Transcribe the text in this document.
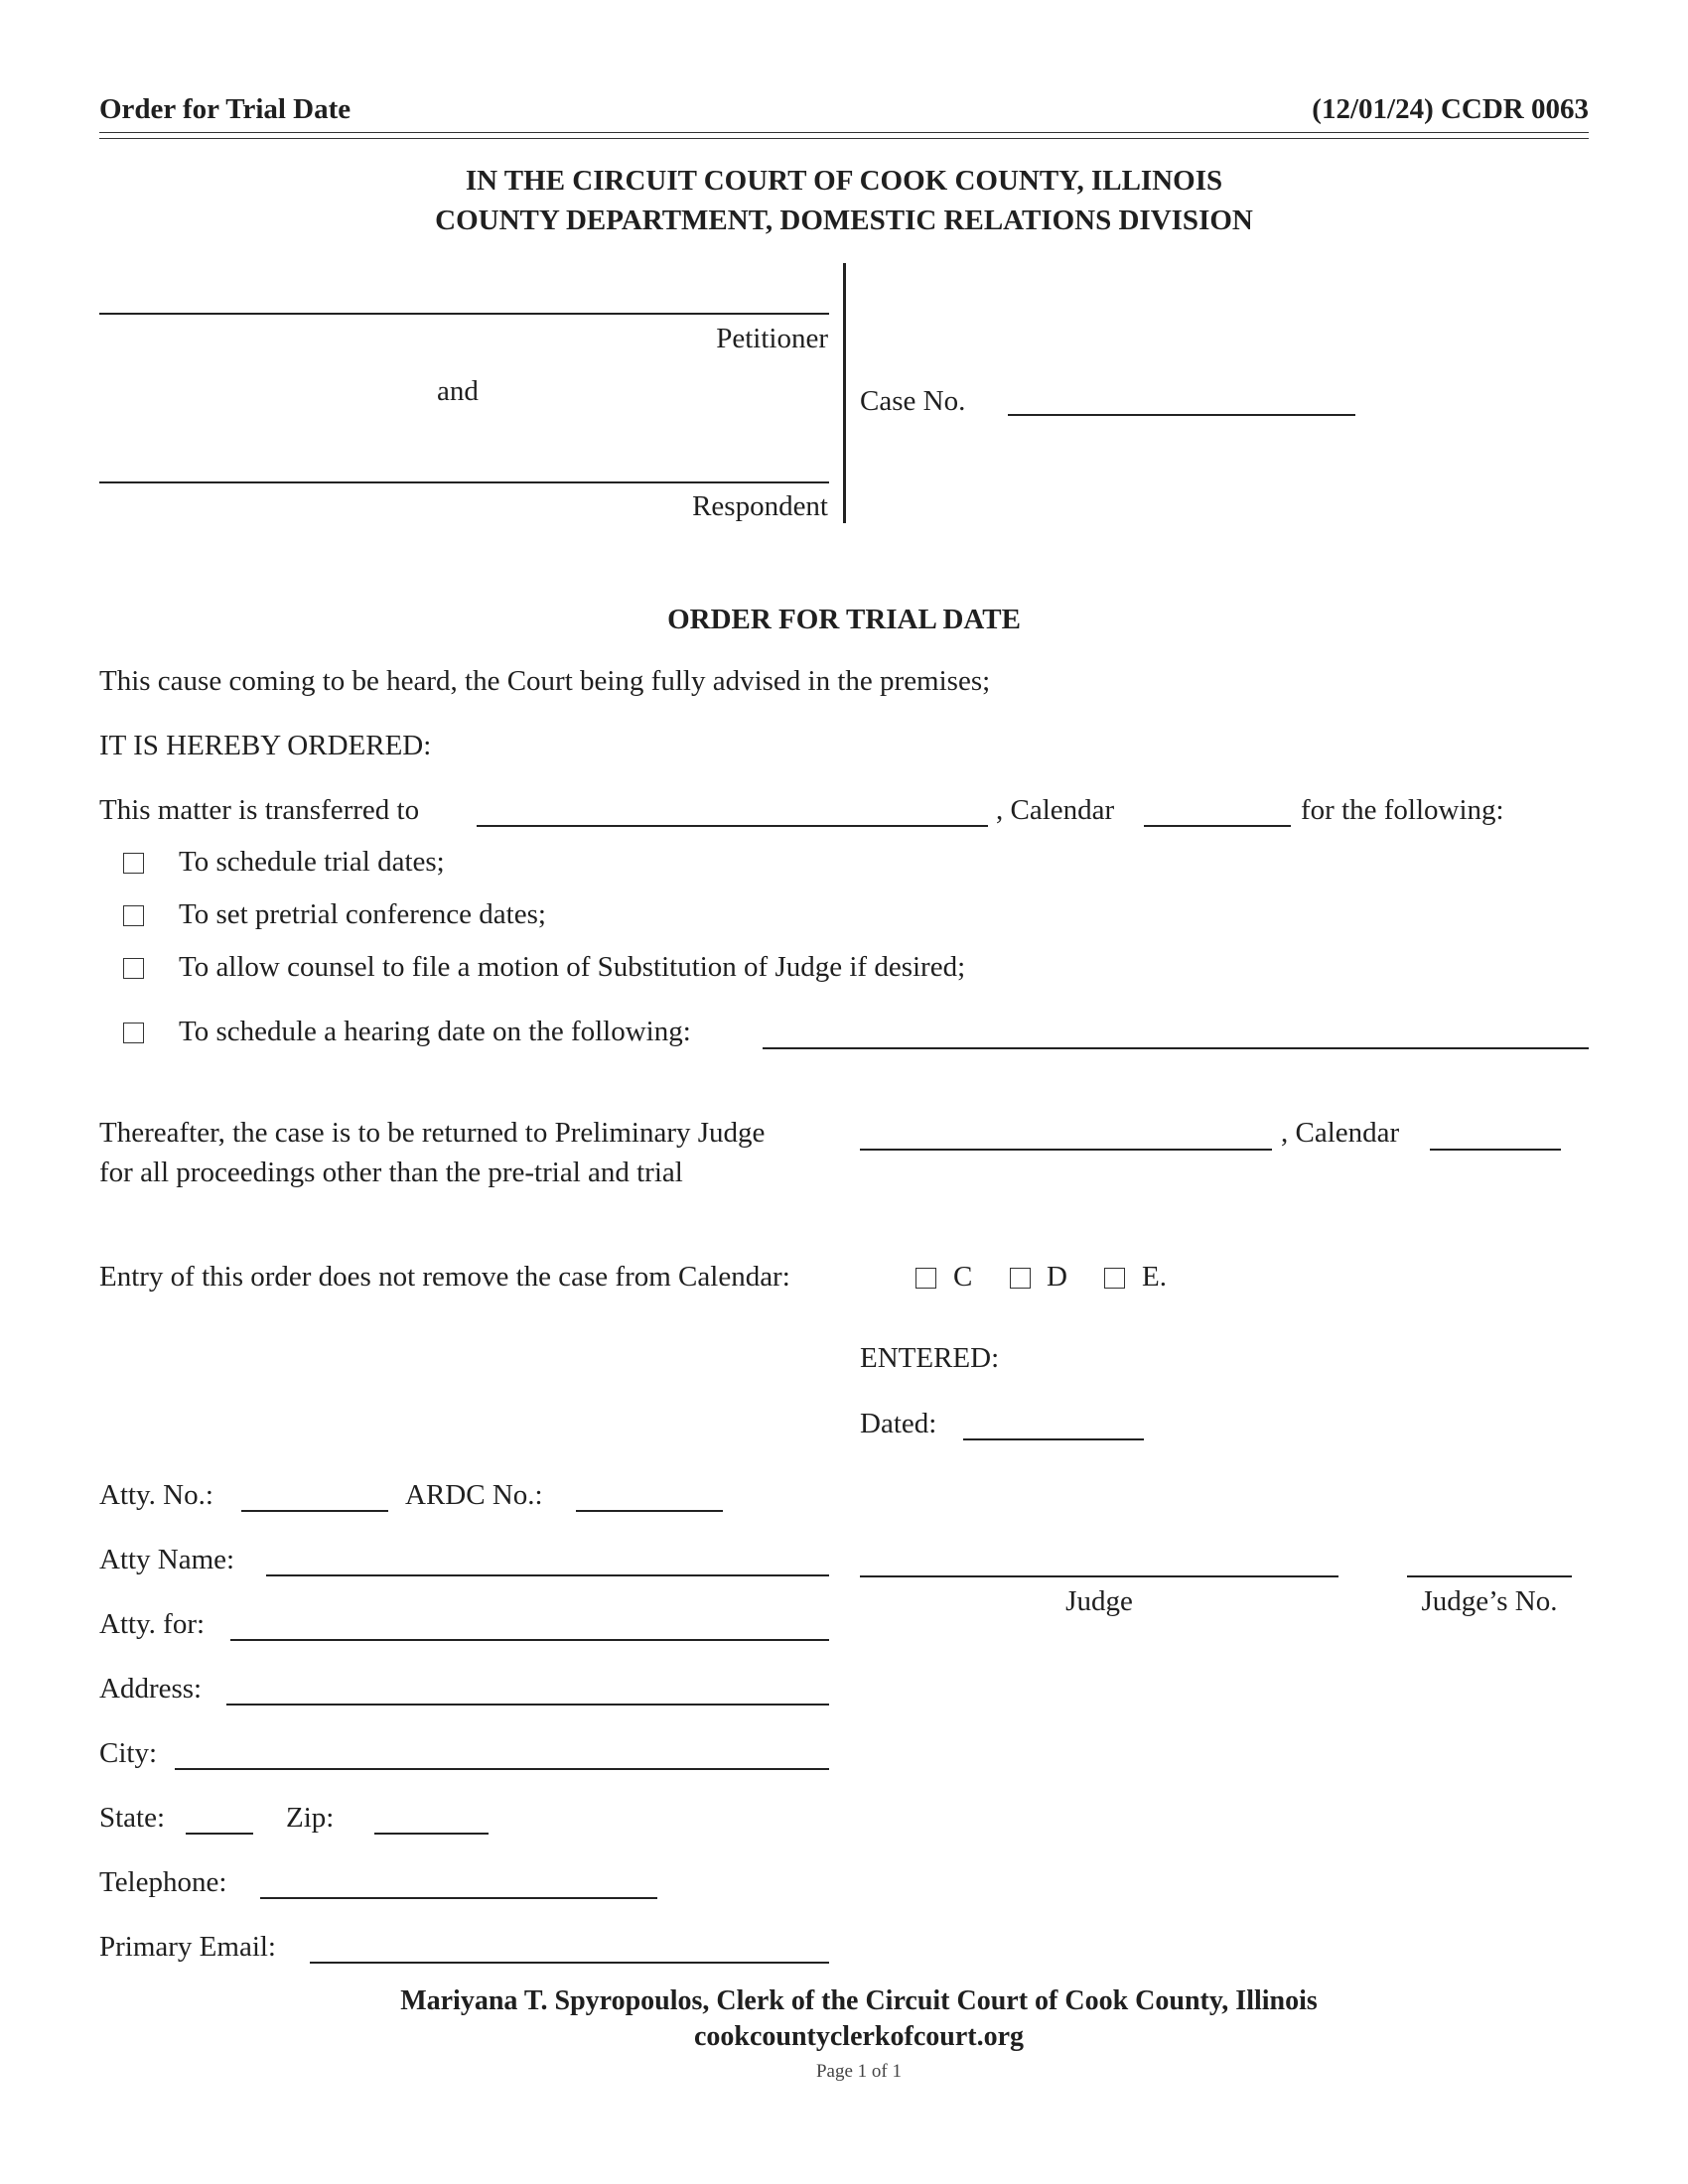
Order for Trial Date	(12/01/24) CCDR 0063
IN THE CIRCUIT COURT OF COOK COUNTY, ILLINOIS
COUNTY DEPARTMENT, DOMESTIC RELATIONS DIVISION
Petitioner
and
Respondent
Case No.
ORDER FOR TRIAL DATE
This cause coming to be heard, the Court being fully advised in the premises;
IT IS HEREBY ORDERED:
This matter is transferred to	, Calendar	for the following:
To schedule trial dates;
To set pretrial conference dates;
To allow counsel to file a motion of Substitution of Judge if desired;
To schedule a hearing date on the following:
Thereafter, the case is to be returned to Preliminary Judge	, Calendar
for all proceedings other than the pre-trial and trial
Entry of this order does not remove the case from Calendar:	C	D	E.
ENTERED:
Dated:
Judge	Judge’s No.
Atty. No.:	ARDC No.:
Atty Name:
Atty. for:
Address:
City:
State:	Zip:
Telephone:
Primary Email:
Mariyana T. Spyropoulos, Clerk of the Circuit Court of Cook County, Illinois
cookcountyclerkofcourt.org
Page 1 of 1
